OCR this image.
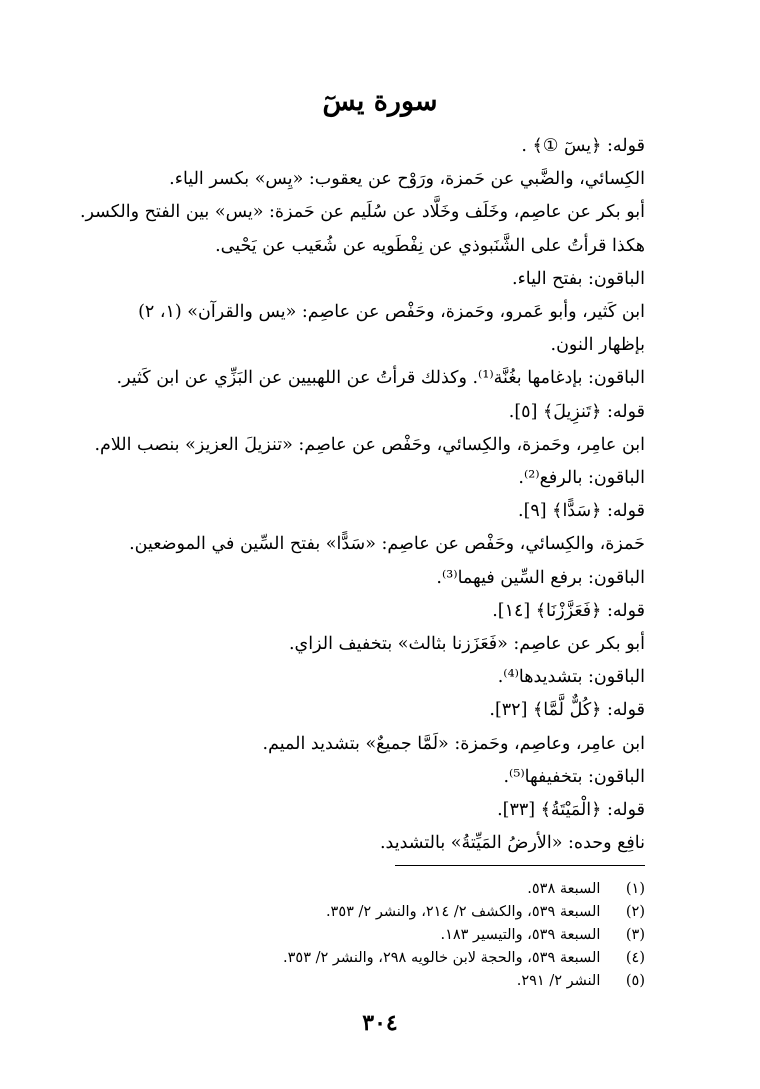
سورة يسٓ
قوله: ﴿يسٓ ①﴾ .
الكِسائي، والضَّبي عن حَمزة، ورَوْح عن يعقوب: «يِس» بكسر الياء.
أبو بكر عن عاصِم، وخَلَف وخَلَّاد عن سُلَيم عن حَمزة: «يس» بين الفتح والكسر.
هكذا قرأتُ على الشَّنَبوذي عن نِفْطَويه عن شُعَيب عن يَحْيى.
الباقون: بفتح الياء.
ابن كَثير، وأبو عَمرو، وحَمزة، وحَفْص عن عاصِم: «يس والقرآن» (١، ٢) بإظهار النون.
الباقون: بإدغامها بغُنَّة⁽¹⁾. وكذلك قرأتُ عن اللهبيين عن البَزِّي عن ابن كَثير.
قوله: ﴿تَنزِيلَ﴾ [٥].
ابن عامِر، وحَمزة، والكِسائي، وحَفْص عن عاصِم: «تنزيلَ العزيز» بنصب اللام.
الباقون: بالرفع⁽²⁾.
قوله: ﴿سَدًّا﴾ [٩].
حَمزة، والكِسائي، وحَفْص عن عاصِم: «سَدًّا» بفتح السِّين في الموضعين.
الباقون: برفع السِّين فيهما⁽³⁾.
قوله: ﴿فَعَزَّزْنَا﴾ [١٤].
أبو بكر عن عاصِم: «فَعَزَزنا بثالث» بتخفيف الزاي.
الباقون: بتشديدها⁽⁴⁾.
قوله: ﴿كُلٌّ لَّمَّا﴾ [٣٢].
ابن عامِر، وعاصِم، وحَمزة: «لَمَّا جميعٌ» بتشديد الميم.
الباقون: بتخفيفها⁽⁵⁾.
قوله: ﴿الْمَيْتَةُ﴾ [٣٣].
نافِع وحده: «الأرضُ المَيِّتةُ» بالتشديد.
(١) السبعة ٥٣٨.
(٢) السبعة ٥٣٩، والكشف ٢/ ٢١٤، والنشر ٢/ ٣٥٣.
(٣) السبعة ٥٣٩، والتيسير ١٨٣.
(٤) السبعة ٥٣٩، والحجة لابن خالويه ٢٩٨، والنشر ٢/ ٣٥٣.
(٥) النشر ٢/ ٢٩١.
٣٠٤
